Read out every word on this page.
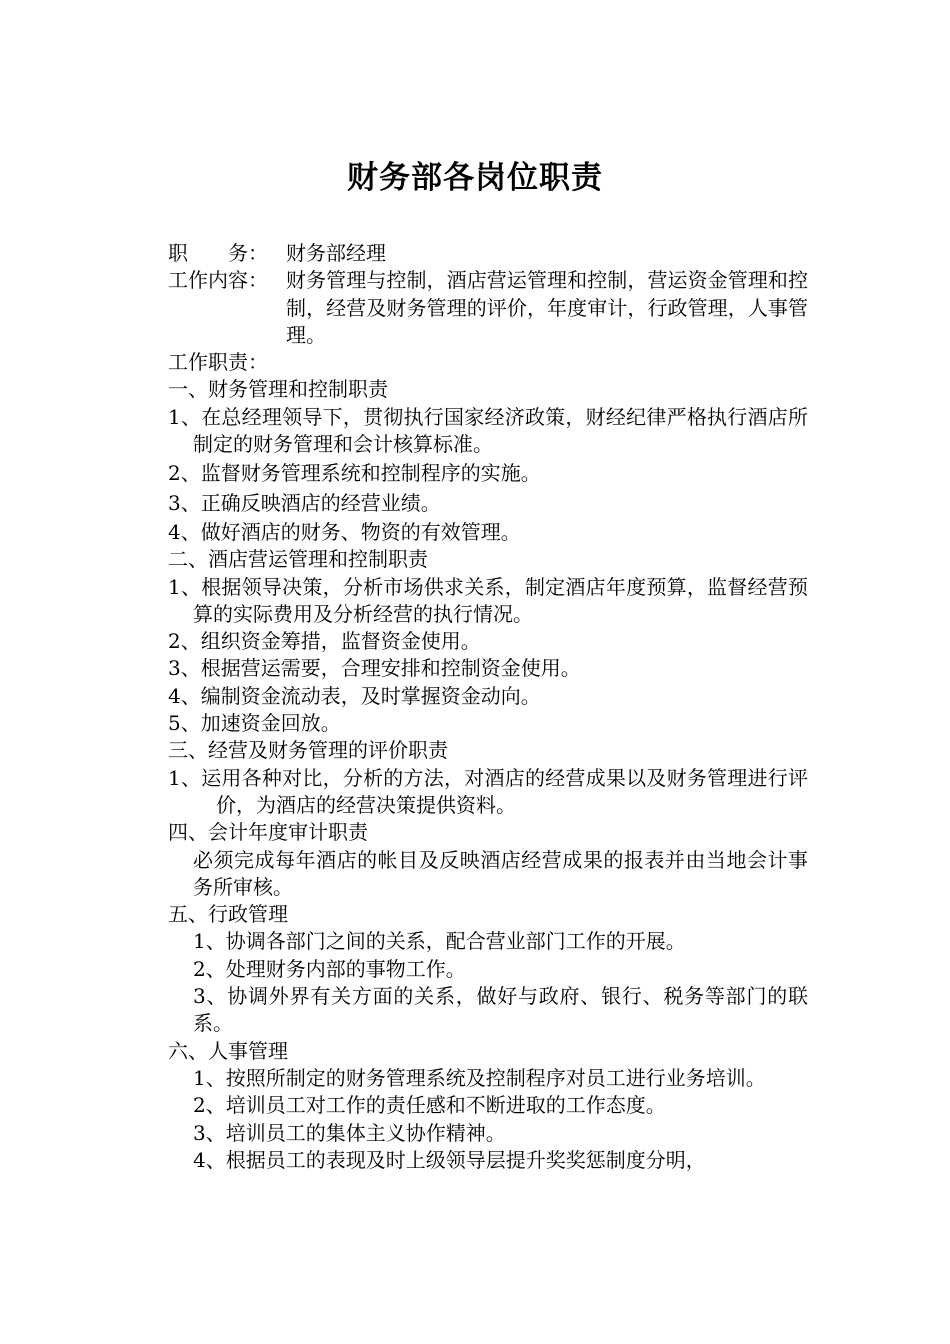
财务部各岗位职责
职　　务： 财务部经理
工作内容： 财务管理与控制，酒店营运管理和控制，营运资金管理和控制，经营及财务管理的评价，年度审计，行政管理，人事管理。
工作职责：
一、财务管理和控制职责
1、在总经理领导下，贯彻执行国家经济政策，财经纪律严格执行酒店所制定的财务管理和会计核算标准。
2、监督财务管理系统和控制程序的实施。
3、正确反映酒店的经营业绩。
4、做好酒店的财务、物资的有效管理。
二、酒店营运管理和控制职责
1、根据领导决策，分析市场供求关系，制定酒店年度预算，监督经营预算的实际费用及分析经营的执行情况。
2、组织资金筹措，监督资金使用。
3、根据营运需要，合理安排和控制资金使用。
4、编制资金流动表，及时掌握资金动向。
5、加速资金回放。
三、经营及财务管理的评价职责
1、运用各种对比，分析的方法，对酒店的经营成果以及财务管理进行评价，为酒店的经营决策提供资料。
四、会计年度审计职责
必须完成每年酒店的帐目及反映酒店经营成果的报表并由当地会计事务所审核。
五、行政管理
1、协调各部门之间的关系，配合营业部门工作的开展。
2、处理财务内部的事物工作。
3、协调外界有关方面的关系，做好与政府、银行、税务等部门的联系。
六、人事管理
1、按照所制定的财务管理系统及控制程序对员工进行业务培训。
2、培训员工对工作的责任感和不断进取的工作态度。
3、培训员工的集体主义协作精神。
4、根据员工的表现及时上级领导层提升奖奖惩制度分明，
